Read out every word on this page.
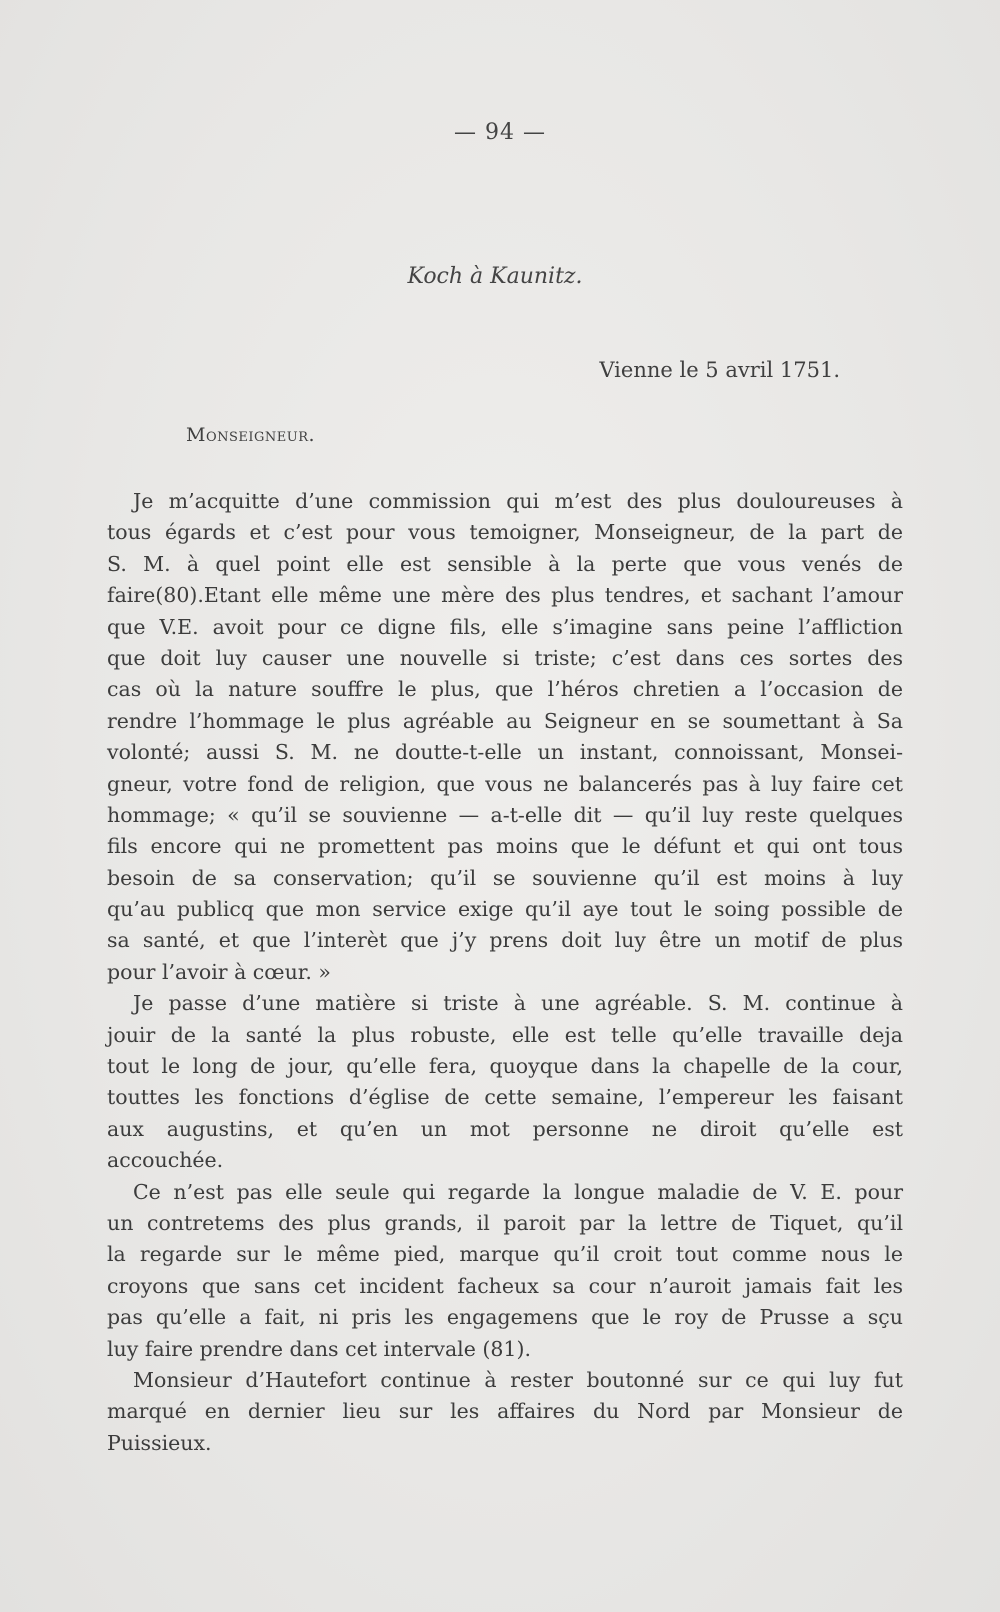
— 94 —
Koch à Kaunitz.
Vienne le 5 avril 1751.
Monseigneur.
Je m’acquitte d’une commission qui m’est des plus douloureuses à
tous égards et c’est pour vous temoigner, Monseigneur, de la part de
S. M. à quel point elle est sensible à la perte que vous venés de
faire(80).Etant elle même une mère des plus tendres, et sachant l’amour
que V.E. avoit pour ce digne fils, elle s’imagine sans peine l’affliction
que doit luy causer une nouvelle si triste; c’est dans ces sortes des
cas où la nature souffre le plus, que l’héros chretien a l’occasion de
rendre l’hommage le plus agréable au Seigneur en se soumettant à Sa
volonté; aussi S. M. ne doutte-t-elle un instant, connoissant, Monsei-
gneur, votre fond de religion, que vous ne balancerés pas à luy faire cet
hommage; « qu’il se souvienne — a-t-elle dit — qu’il luy reste quelques
fils encore qui ne promettent pas moins que le défunt et qui ont tous
besoin de sa conservation; qu’il se souvienne qu’il est moins à luy
qu’au publicq que mon service exige qu’il aye tout le soing possible de
sa santé, et que l’interèt que j’y prens doit luy être un motif de plus
pour l’avoir à cœur. »
Je passe d’une matière si triste à une agréable. S. M. continue à
jouir de la santé la plus robuste, elle est telle qu’elle travaille deja
tout le long de jour, qu’elle fera, quoyque dans la chapelle de la cour,
touttes les fonctions d’église de cette semaine, l’empereur les faisant
aux augustins, et qu’en un mot personne ne diroit qu’elle est
accouchée.
Ce n’est pas elle seule qui regarde la longue maladie de V. E. pour
un contretems des plus grands, il paroit par la lettre de Tiquet, qu’il
la regarde sur le même pied, marque qu’il croit tout comme nous le
croyons que sans cet incident facheux sa cour n’auroit jamais fait les
pas qu’elle a fait, ni pris les engagemens que le roy de Prusse a sçu
luy faire prendre dans cet intervale (81).
Monsieur d’Hautefort continue à rester boutonné sur ce qui luy fut
marqué en dernier lieu sur les affaires du Nord par Monsieur de
Puissieux.
